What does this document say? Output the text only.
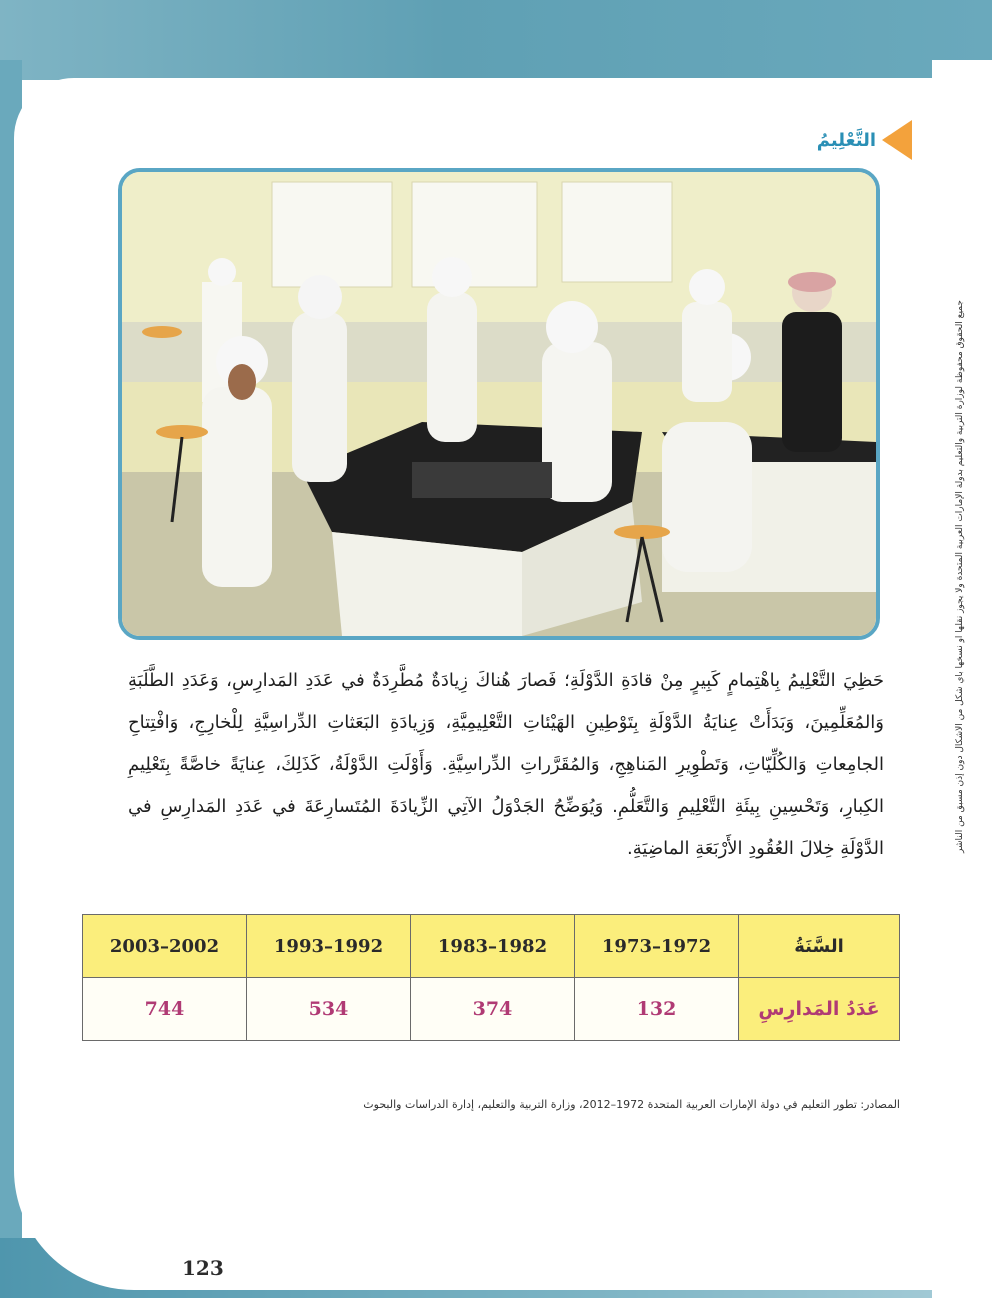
جميع الحقوق محفوظة لوزارة التربية والتعليم بدولة الإمارات العربية المتحدة ولا يجوز نقلها أو نسخها بأي شكل من الأشكال دون إذن مسبق من الناشر
التَّعْلِيمُ
حَظِيَ التَّعْلِيمُ بِاهْتِمامٍ كَبِيرٍ مِنْ قادَةِ الدَّوْلَةِ؛ فَصارَ هُناكَ زِيادَةٌ مُطَّرِدَةٌ في عَدَدِ المَدارِسِ، وَعَدَدِ الطَّلَبَةِ وَالمُعَلِّمِينَ، وَبَدَأَتْ عِنايَةُ الدَّوْلَةِ بِتَوْطِينِ الهَيْئاتِ التَّعْلِيمِيَّةِ، وَزِيادَةِ البَعَثاتِ الدِّراسِيَّةِ لِلْخارِجِ، وَافْتِتاحِ الجامِعاتِ وَالكُلِّيّاتِ، وَتَطْوِيرِ المَناهِجِ، وَالمُقَرَّراتِ الدِّراسِيَّةِ. وَأَوْلَتِ الدَّوْلَةُ، كَذَلِكَ، عِنايَةً خاصَّةً بِتَعْلِيمِ الكِبارِ، وَتَحْسِينِ بِيئَةِ التَّعْلِيمِ وَالتَّعَلُّمِ. وَيُوَضِّحُ الجَدْوَلُ الآتِي الزِّيادَةَ المُتَسارِعَةَ في عَدَدِ المَدارِسِ في الدَّوْلَةِ خِلالَ العُقُودِ الأَرْبَعَةِ الماضِيَةِ.
السَّنَةُ	1972–1973	1982–1983	1992–1993	2002–2003
عَدَدُ المَدارِسِ	132	374	534	744
المصادر: تطور التعليم في دولة الإمارات العربية المتحدة 1972–2012، وزارة التربية والتعليم، إدارة الدراسات والبحوث
123
